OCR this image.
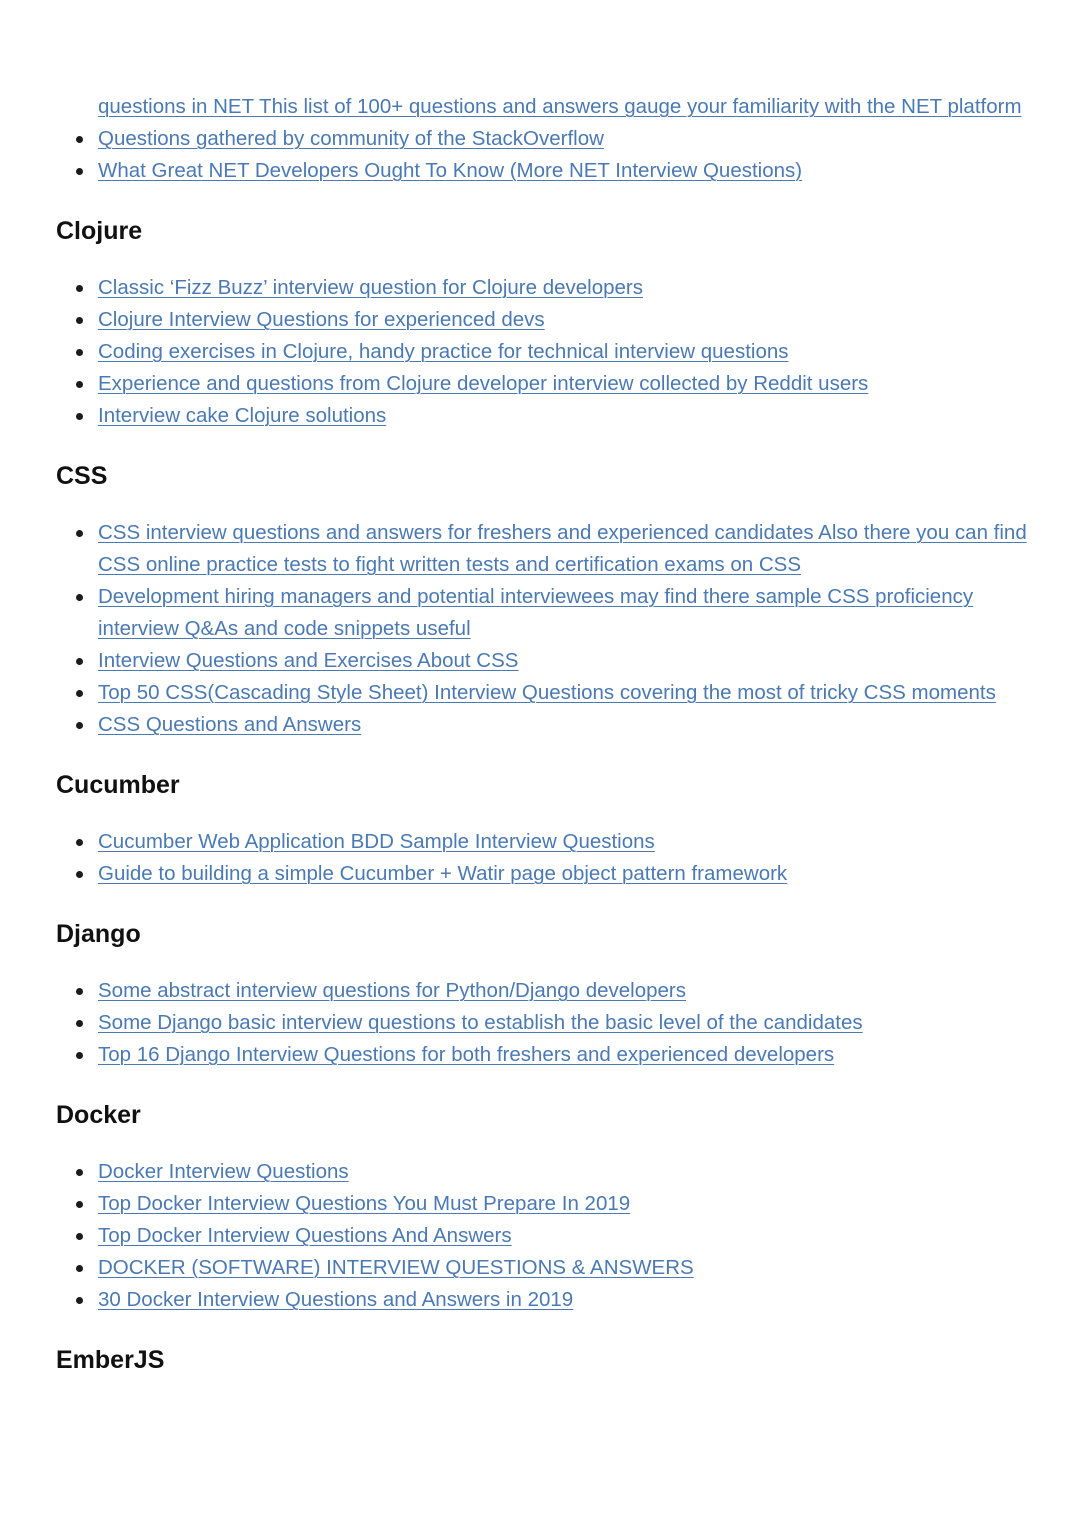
questions in NET This list of 100+ questions and answers gauge your familiarity with the NET platform
Questions gathered by community of the StackOverflow
What Great NET Developers Ought To Know (More NET Interview Questions)
Clojure
Classic ‘Fizz Buzz’ interview question for Clojure developers
Clojure Interview Questions for experienced devs
Coding exercises in Clojure, handy practice for technical interview questions
Experience and questions from Clojure developer interview collected by Reddit users
Interview cake Clojure solutions
CSS
CSS interview questions and answers for freshers and experienced candidates Also there you can find CSS online practice tests to fight written tests and certification exams on CSS
Development hiring managers and potential interviewees may find there sample CSS proficiency interview Q&As and code snippets useful
Interview Questions and Exercises About CSS
Top 50 CSS(Cascading Style Sheet) Interview Questions covering the most of tricky CSS moments
CSS Questions and Answers
Cucumber
Cucumber Web Application BDD Sample Interview Questions
Guide to building a simple Cucumber + Watir page object pattern framework
Django
Some abstract interview questions for Python/Django developers
Some Django basic interview questions to establish the basic level of the candidates
Top 16 Django Interview Questions for both freshers and experienced developers
Docker
Docker Interview Questions
Top Docker Interview Questions You Must Prepare In 2019
Top Docker Interview Questions And Answers
DOCKER (SOFTWARE) INTERVIEW QUESTIONS & ANSWERS
30 Docker Interview Questions and Answers in 2019
EmberJS
